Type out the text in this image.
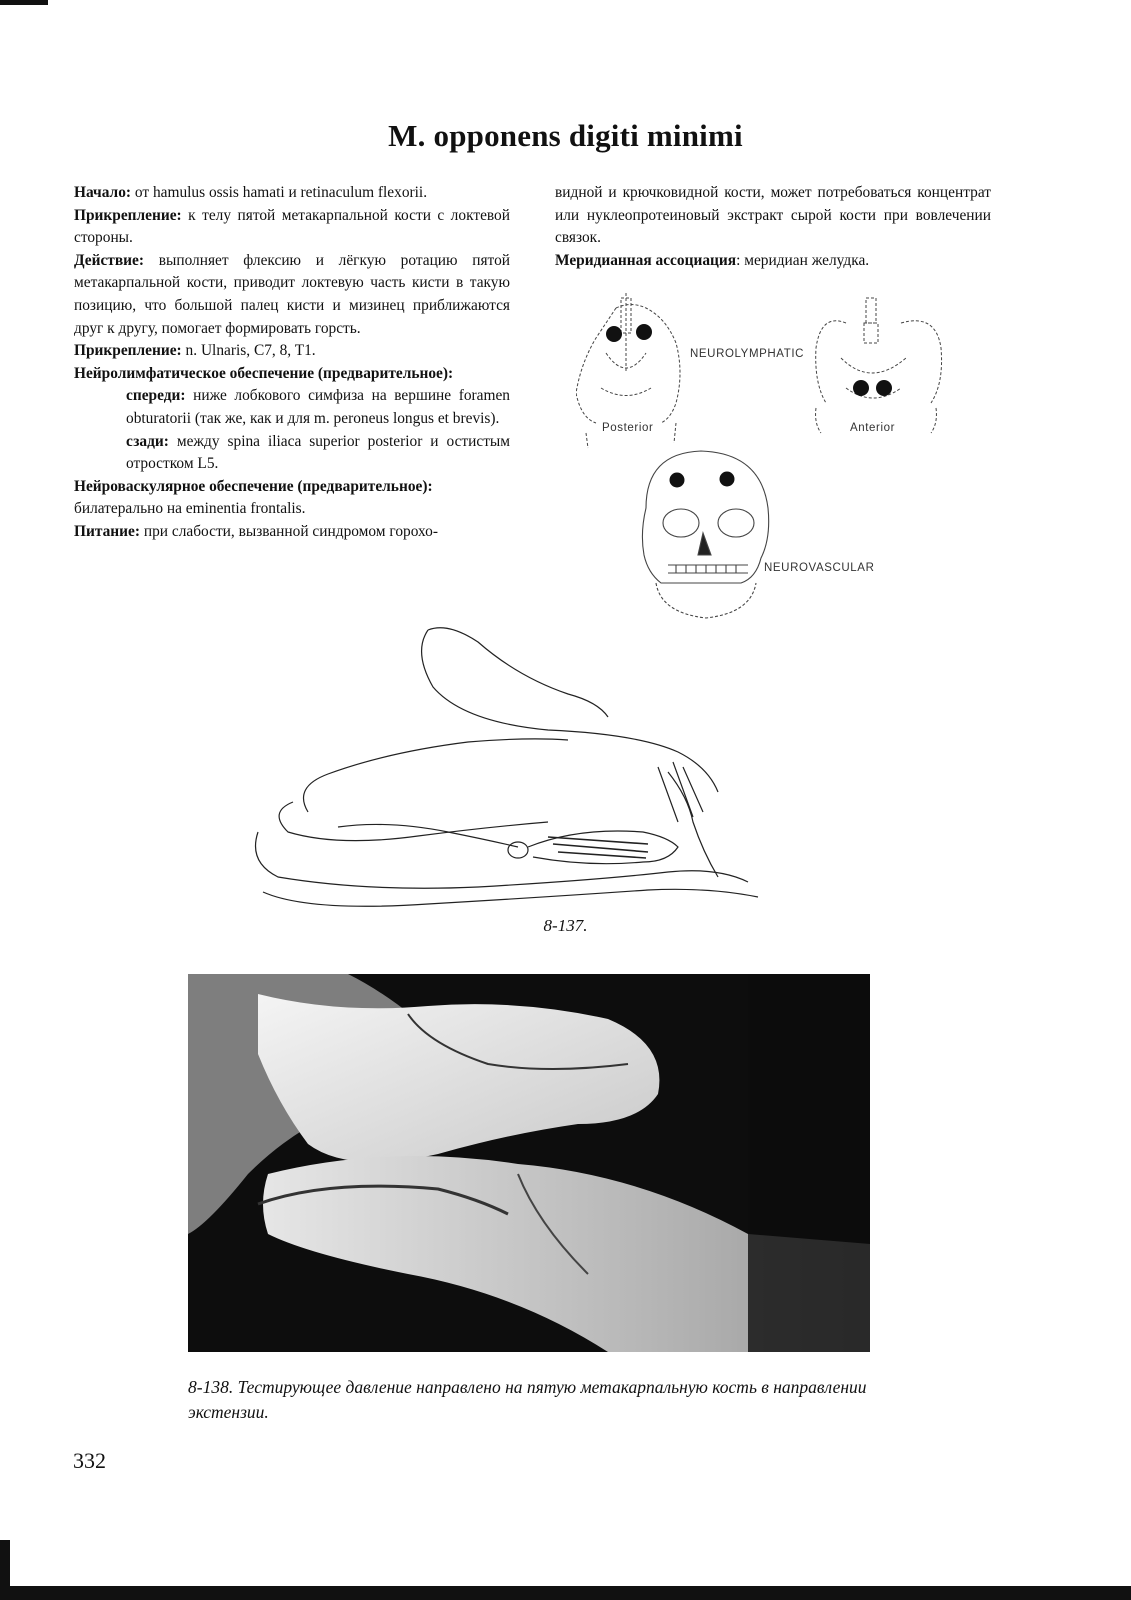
M. opponens digiti minimi

Начало: от hamulus ossis hamati и retinaculum flexorii.

Прикрепление: к телу пятой метакарпальной кости с локтевой стороны.

Действие: выполняет флексию и лёгкую ротацию пятой метакарпальной кости, приводит локтевую часть кисти в такую позицию, что большой палец кисти и мизинец приближаются друг к другу, помогает формировать горсть.

Прикрепление: n. Ulnaris, C7, 8, T1.

Нейролимфатическое обеспечение (предварительное):

спереди: ниже лобкового симфиза на вершине foramen obturatorii (так же, как и для m. peroneus longus et brevis).

сзади: между spina iliaca superior posterior и остистым отростком L5.

Нейроваскулярное обеспечение (предварительное):

билатерально на eminentia frontalis.

Питание: при слабости, вызванной синдромом горохо-

видной и крючковидной кости, может потребоваться концентрат или нуклеопротеиновый экстракт сырой кости при вовлечении связок.

Меридианная ассоциация: меридиан желудка.

Posterior	Anterior
NEUROLYMPHATIC
NEUROVASCULAR
8-137.
8-138. Тестирующее давление направлено на пятую метакарпальную кость в направлении экстензии.
332
